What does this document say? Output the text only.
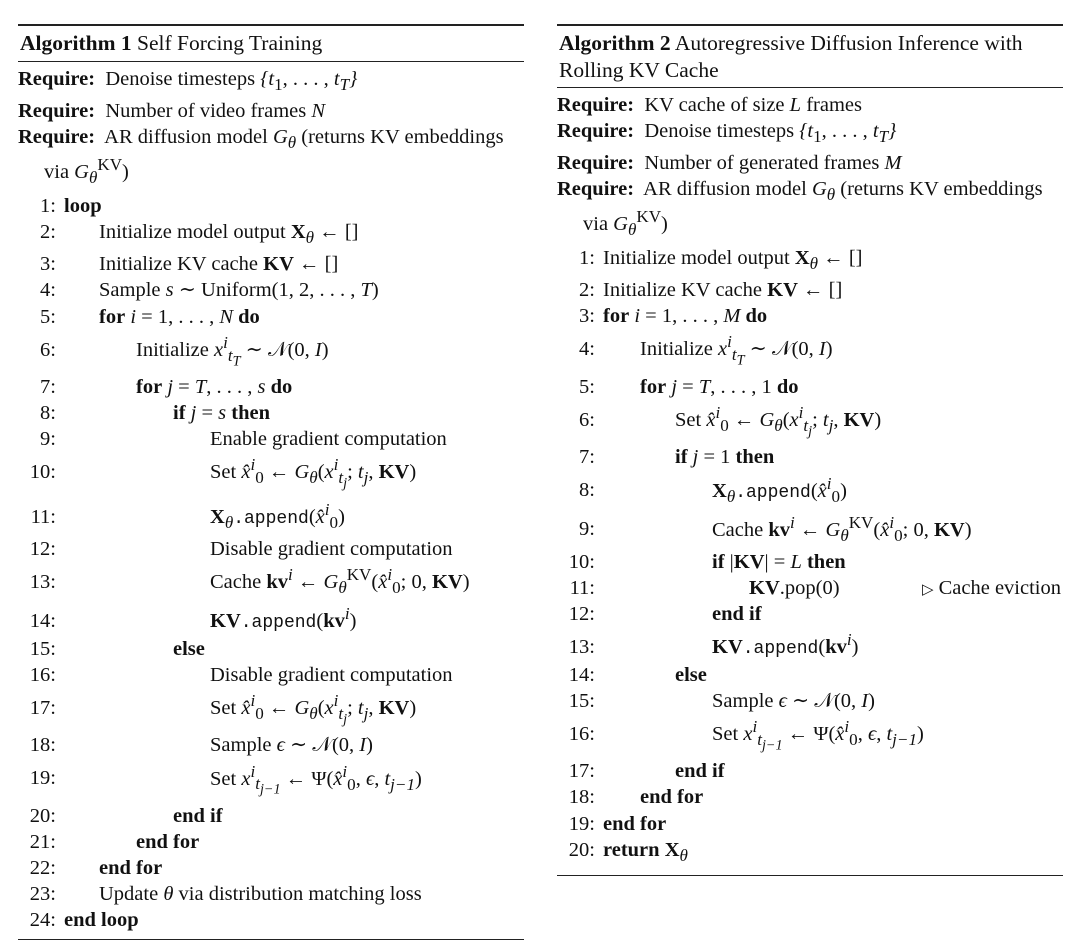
Algorithm 1 Self Forcing Training
Require:  Denoise timesteps {$t_1$, . . . , $t_T$}
Require:  Number of video frames N
Require:  AR diffusion model $G_\theta$ (returns KV embeddings via $G_\theta^{KV}$)
1: loop
2:	Initialize model output $X_\theta$ ← []
3:	Initialize KV cache KV ← []
4:	Sample s ∼ Uniform(1, 2, . . . , T)
5:	for i = 1, . . . , N do
6:	Initialize $x^i_{t_T}$ ∼ 𝒩(0, I)
7:	for j = T, . . . , s do
8:	if j = s then
9:	Enable gradient computation
10:	Set x̂$^i_0$ ← $G_\theta(x^i_{t_j}$; $t_j$, KV)
11:	$X_\theta.append(x̂^i_0)$
12:	Disable gradient computation
13:	Cache $kv^i$ ← $G_\theta^{KV}(x̂^i_0$; 0, KV)
14:	$KV.append(kv^i)$
15:	else
16:	Disable gradient computation
17:	Set x̂$^i_0$ ← $G_\theta(x^i_{t_j}$; $t_j$, KV)
18:	Sample ϵ ∼ 𝒩(0, I)
19:	Set $x^i_{t_{j-1}}$ ← Ψ(x̂$^i_0$, ϵ, $t_{j-1}$)
20:	end if
21:	end for
22:	end for
23:	Update θ via distribution matching loss
24: end loop
Algorithm 2 Autoregressive Diffusion Inference with Rolling KV Cache
Require:  KV cache of size L frames
Require:  Denoise timesteps {$t_1$, . . . , $t_T$}
Require:  Number of generated frames M
Require:  AR diffusion model $G_\theta$ (returns KV embeddings via $G_\theta^{KV}$)
1: Initialize model output $X_\theta$ ← []
2: Initialize KV cache KV ← []
3: for i = 1, . . . , M do
4:	Initialize $x^i_{t_T}$ ∼ 𝒩(0, I)
5:	for j = T, . . . , 1 do
6:	Set x̂$^i_0$ ← $G_\theta(x^i_{t_j}$; $t_j$, KV)
7:	if j = 1 then
8:	$X_\theta.append(x̂^i_0)$
9:	Cache $kv^i$ ← $G_\theta^{KV}(x̂^i_0$; 0, KV)
10:	if |KV| = L then
11:	KV.pop(0)	▷ Cache eviction
12:	end if
13:	$KV.append(kv^i)$
14:	else
15:	Sample ϵ ∼ 𝒩(0, I)
16:	Set $x^i_{t_{j-1}}$ ← Ψ(x̂$^i_0$, ϵ, $t_{j-1}$)
17:	end if
18:	end for
19: end for
20: return $X_\theta$
